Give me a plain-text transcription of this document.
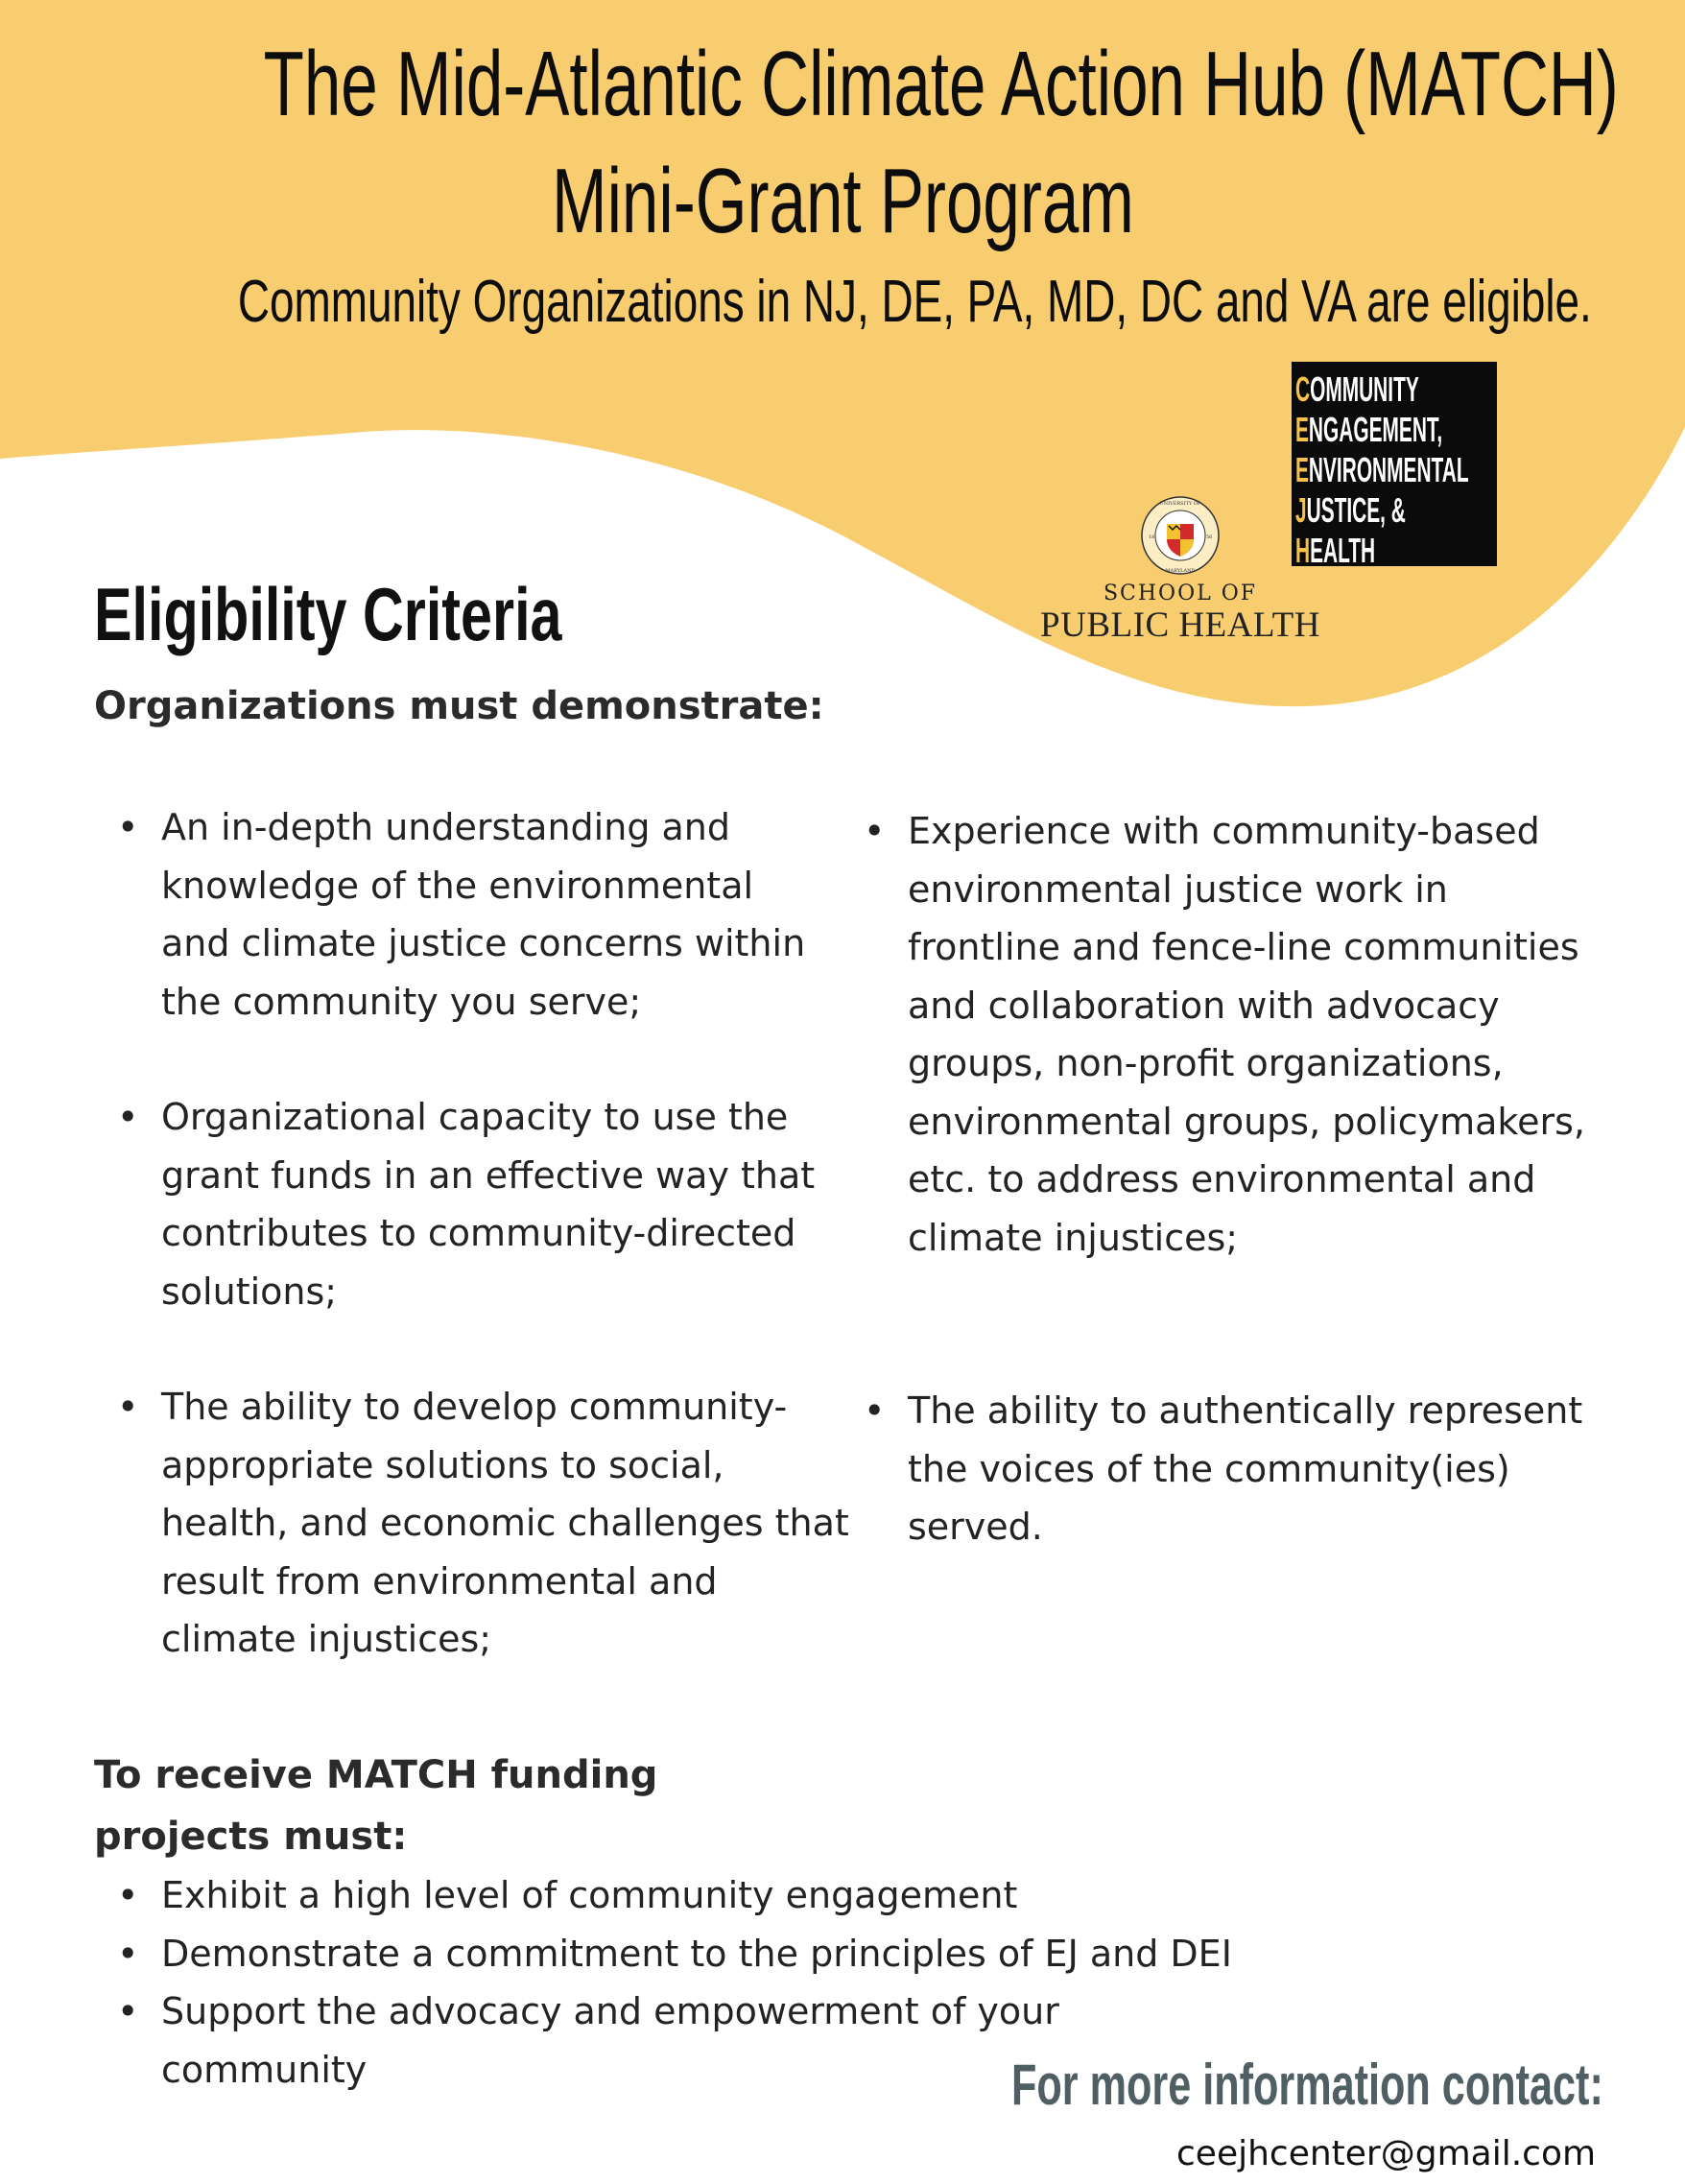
The Mid-Atlantic Climate Action Hub (MATCH)
Mini-Grant Program
Community Organizations in NJ, DE, PA, MD, DC and VA are eligible.
COMMUNITY
ENGAGEMENT,
ENVIRONMENTAL
JUSTICE, &
HEALTH
UNIVERSITY OF
MARYLAND
18	56
SCHOOL OF
PUBLIC HEALTH
Eligibility Criteria
Organizations must demonstrate:
• An in-depth understanding and knowledge of the environmental and climate justice concerns within the community you serve;
• Organizational capacity to use the grant funds in an effective way that contributes to community-directed solutions;
• The ability to develop community-appropriate solutions to social, health, and economic challenges that result from environmental and climate injustices;
• Experience with community-based environmental justice work in frontline and fence-line communities and collaboration with advocacy groups, non-profit organizations, environmental groups, policymakers, etc. to address environmental and climate injustices;
• The ability to authentically represent the voices of the community(ies) served.
To receive MATCH funding projects must:
• Exhibit a high level of community engagement
• Demonstrate a commitment to the principles of EJ and DEI
• Support the advocacy and empowerment of your community	For more information contact:
ceejhcenter@gmail.com
